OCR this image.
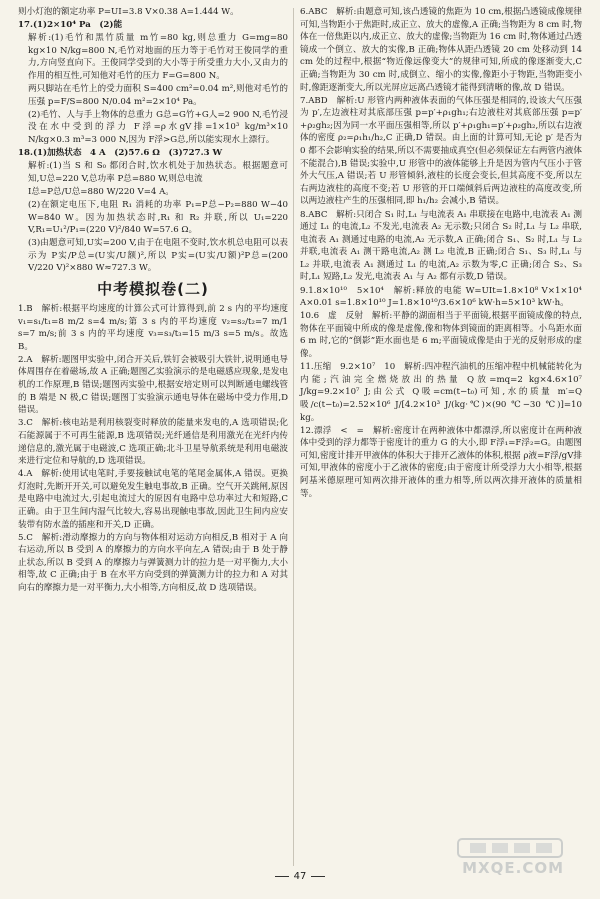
则小灯泡的额定功率 P=UI=3.8 V×0.38 A=1.444 W。

17.(1)2×10⁴ Pa　(2)能

解析:(1)毛竹和黑竹质量 m竹=80 kg,则总重力 G=mg=80 kg×10 N/kg=800 N,毛竹对地面的压力等于毛竹对王俊同学的重力,方向竖直向下。王俊同学受到的大小等于所受重力大小,又由力的作用的相互性,可知他对毛竹的压力 F=G=800 N。

两只脚站在毛竹上的受力面积 S=400 cm²=0.04 m²,则他对毛竹的压强 p=F/S=800 N/0.04 m²=2×10⁴ Pa。

(2)毛竹、人与手上物体的总重力 G总=G竹+G人=2 900 N,毛竹浸没在水中受到的浮力 F浮=ρ水gV排=1×10³ kg/m³×10 N/kg×0.3 m³=3 000 N,因为 F浮>G总,所以能实现水上漂行。

18.(1)加热状态　4 A　(2)57.6 Ω　(3)727.3 W

解析:(1)当 S 和 S₀ 都闭合时,饮水机处于加热状态。根据题意可知,U总=220 V,总功率 P总=880 W,则总电流

I总=P总/U总=880 W/220 V=4 A。

(2)在额定电压下,电阻 R₁ 消耗的功率 P₁=P总−P₂=880 W−40 W=840 W。因为加热状态时,R₁ 和 R₂ 并联,所以 U₁=220 V,R₁=U₁²/P₁=(220 V)²/840 W=57.6 Ω。

(3)由题意可知,U实=200 V,由于在电阻不变时,饮水机总电阻可以表示为 P实/P总=(U实/U额)²,所以 P实=(U实/U额)²P总=(200 V/220 V)²×880 W≈727.3 W。

中考模拟卷(二)

1.B　解析:根据平均速度的计算公式可计算得到,前 2 s 内的平均速度 v₁=s₁/t₁=8 m/2 s=4 m/s;第 3 s 内的平均速度 v₂=s₂/t₂=7 m/1 s=7 m/s;前 3 s 内的平均速度 v₃=s₃/t₃=15 m/3 s=5 m/s。故选 B。

2.A　解析:题图甲实验中,闭合开关后,铁钉会被吸引大铁针,说明通电导体周围存在着磁场,故 A 正确;题图乙实验演示的是电磁感应现象,是发电机的工作原理,B 错误;题图丙实验中,根据安培定则可以判断通电螺线管的 B 端是 N 极,C 错误;题图丁实验演示通电导体在磁场中受力作用,D 错误。

3.C　解析:核电站是利用核裂变时释放的能量来发电的,A 选项错误;化石能源属于不可再生能源,B 选项错误;光纤通信是利用激光在光纤内传递信息的,激光属于电磁波,C 选项正确;北斗卫星导航系统是利用电磁波来进行定位和导航的,D 选项错误。

4.A　解析:使用试电笔时,手要接触试电笔的笔尾金属体,A 错误。更换灯泡时,先断开开关,可以避免发生触电事故,B 正确。空气开关跳闸,原因是电路中电流过大,引起电流过大的原因有电路中总功率过大和短路,C 正确。由于卫生间内湿气比较大,容易出现触电事故,因此卫生间内应安装带有防水盖的插座和开关,D 正确。

5.C　解析:滑动摩擦力的方向与物体相对运动方向相反,B 相对于 A 向右运动,所以 B 受到 A 的摩擦力的方向水平向左,A 错误;由于 B 处于静止状态,所以 B 受到 A 的摩擦力与弹簧测力计的拉力是一对平衡力,大小相等,故 C 正确;由于 B 在水平方向受到的弹簧测力计的拉力和 A 对其向右的摩擦力是一对平衡力,大小相等,方向相反,故 D 选项错误。

6.ABC　解析:由题意可知,该凸透镜的焦距为 10 cm,根据凸透镜成像规律可知,当物距小于焦距时,成正立、放大的虚像,A 正确;当物距为 8 cm 时,物体在一倍焦距以内,成正立、放大的虚像;当物距为 16 cm 时,物体通过凸透镜成一个倒立、放大的实像,B 正确;物体从距凸透镜 20 cm 处移动到 14 cm 处的过程中,根据“物近像远像变大”的规律可知,所成的像逐渐变大,C 正确;当物距为 30 cm 时,成倒立、缩小的实像,像距小于物距,当物距变小时,像距逐渐变大,所以光屏应远离凸透镜才能得到清晰的像,故 D 错误。

7.ABD　解析:U 形管内两种液体表面的气体压强是相同的,设该大气压强为 p′,左边液柱对其底部压强 p=p′+ρ₁gh₁;右边液柱对其底部压强 p=p′+ρ₂gh₂;因为同一水平面压强相等,所以 p′+ρ₁gh₁=p′+ρ₂gh₂,所以右边液体的密度 ρ₂=ρ₁h₁/h₂,C 正确,D 错误。由上面的计算可知,无论 p′ 是否为 0 都不会影响实验的结果,所以不需要抽成真空(但必须保证左右两管内液体不能混合),B 错误;实验中,U 形管中的液体能够上升是因为管内气压小于管外大气压,A 错误;若 U 形管倾斜,液柱的长度会变长,但其高度不变,所以左右两边液柱的高度不变;若 U 形管的开口端倾斜后两边液柱的高度改变,所以两边液柱产生的压强相同,即 h₁/h₂ 会减小,B 错误。

8.ABC　解析:只闭合 S₁ 时,L₁ 与电流表 A₁ 串联接在电路中,电流表 A₁ 测通过 L₁ 的电流,L₂ 不发光,电流表 A₂ 无示数;只闭合 S₂ 时,L₁ 与 L₂ 串联,电流表 A₁ 测通过电路的电流,A₂ 无示数,A 正确;闭合 S₁、S₂ 时,L₁ 与 L₂ 并联,电流表 A₁ 测干路电流,A₂ 测 L₂ 电流,B 正确;闭合 S₁、S₃ 时,L₁ 与 L₂ 并联,电流表 A₁ 测通过 L₁ 的电流,A₂ 示数为零,C 正确;闭合 S₂、S₃ 时,L₁ 短路,L₂ 发光,电流表 A₁ 与 A₂ 都有示数,D 错误。

9.1.8×10¹⁰　5×10⁴　解析:释放的电能 W=UIt=1.8×10⁸ V×1×10⁴ A×0.01 s=1.8×10¹⁰ J=1.8×10¹⁰/3.6×10⁶ kW·h=5×10³ kW·h。

10.6　虚　反射　解析:平静的湖面相当于平面镜,根据平面镜成像的特点,物体在平面镜中所成的像是虚像,像和物体到镜面的距离相等。小鸟距水面 6 m 时,它的“倒影”距水面也是 6 m;平面镜成像是由于光的反射形成的虚像。

11.压缩　9.2×10⁷　10　解析:四冲程汽油机的压缩冲程中机械能转化为内能;汽油完全燃烧放出的热量 Q放=mq=2 kg×4.6×10⁷ J/kg=9.2×10⁷ J;由公式 Q吸=cm(t−t₀)可知,水的质量 m′=Q吸/c(t−t₀)=2.52×10⁶ J/[4.2×10³ J/(kg·℃)×(90 ℃−30 ℃)]=10 kg。

12.漂浮　<　=　解析:密度计在两种液体中都漂浮,所以密度计在两种液体中受到的浮力都等于密度计的重力 G 的大小,即 F浮₁=F浮₂=G。由题图可知,密度计排开甲液体的体积大于排开乙液体的体积,根据 ρ液=F浮/gV排 可知,甲液体的密度小于乙液体的密度;由于密度计所受浮力大小相等,根据阿基米德原理可知两次排开液体的重力相等,所以两次排开液体的质量相等。

47	MXQE.COM
